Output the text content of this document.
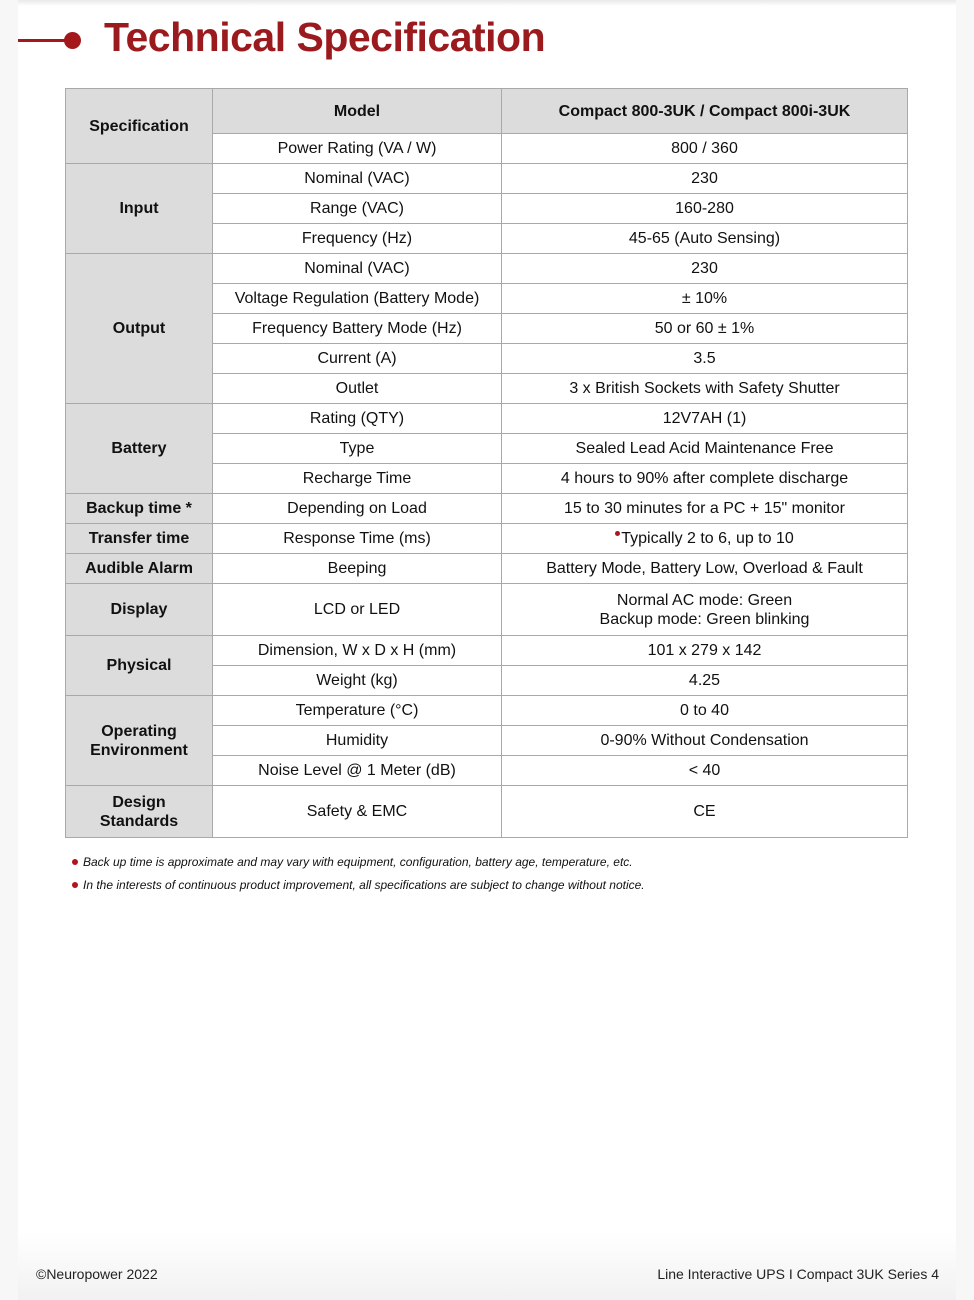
Technical Specification
Specification	Model	Compact 800-3UK / Compact 800i-3UK
	Power Rating (VA / W)	800 / 360
Input	Nominal (VAC)	230
	Range (VAC)	160-280
	Frequency (Hz)	45-65 (Auto Sensing)
Output	Nominal (VAC)	230
	Voltage Regulation (Battery Mode)	± 10%
	Frequency Battery Mode (Hz)	50 or 60 ± 1%
	Current (A)	3.5
	Outlet	3 x British Sockets with Safety Shutter
Battery	Rating (QTY)	12V7AH (1)
	Type	Sealed Lead Acid Maintenance Free
	Recharge Time	4 hours to 90% after complete discharge
Backup time *	Depending on Load	15 to 30 minutes for a PC + 15" monitor
Transfer time	Response Time (ms)	Typically 2 to 6, up to 10
Audible Alarm	Beeping	Battery Mode, Battery Low, Overload & Fault
Display	LCD or LED	Normal AC mode: Green
Backup mode: Green blinking

Physical	Dimension, W x D x H (mm)	101 x 279 x 142
	Weight (kg)	4.25

Operating
Environment	Temperature (°C)	0 to 40
	Humidity	0-90% Without Condensation
	Noise Level @ 1 Meter (dB)	< 40

Design
Standards	Safety & EMC	CE
Back up time is approximate and may vary with equipment, configuration, battery age, temperature, etc.
In the interests of continuous product improvement, all specifications are subject to change without notice.
©Neuropower 2022	Line Interactive UPS I Compact 3UK Series 4
